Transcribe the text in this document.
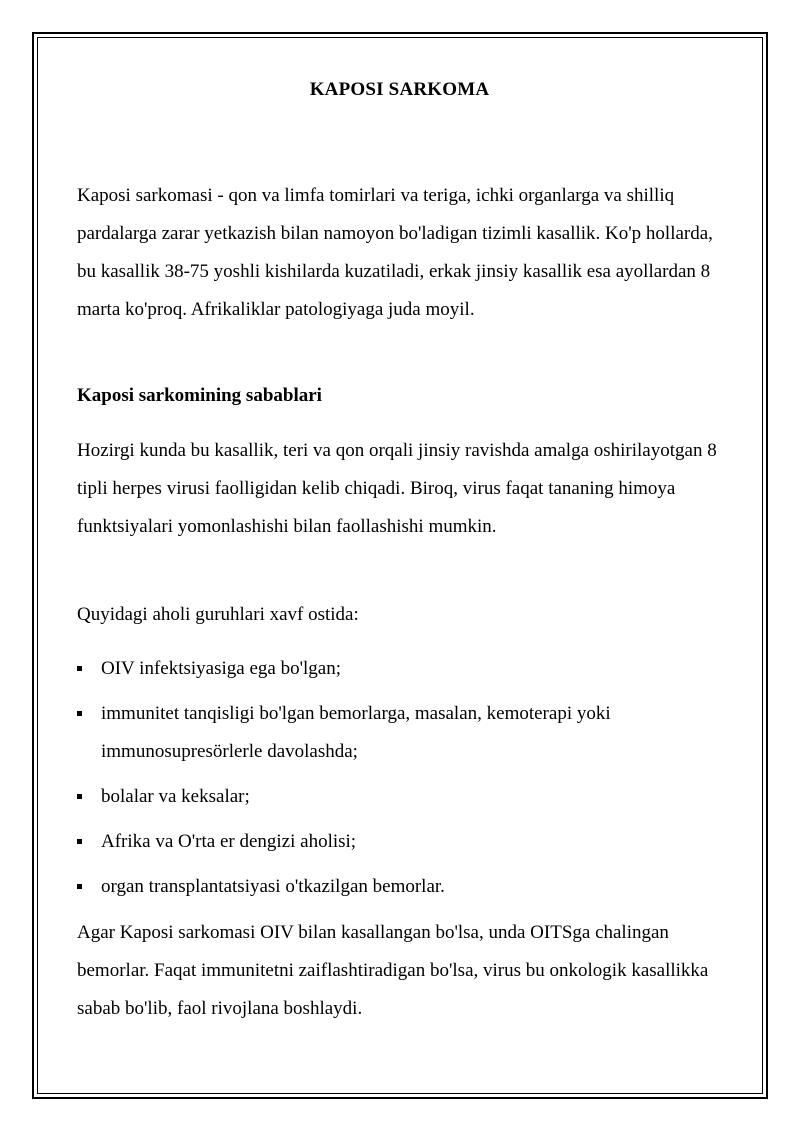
KAPOSI SARKOMA

Kaposi sarkomasi - qon va limfa tomirlari va teriga, ichki organlarga va shilliq pardalarga zarar yetkazish bilan namoyon bo'ladigan tizimli kasallik. Ko'p hollarda, bu kasallik 38-75 yoshli kishilarda kuzatiladi, erkak jinsiy kasallik esa ayollardan 8 marta ko'proq. Afrikaliklar patologiyaga juda moyil.

Kaposi sarkomining sabablari

Hozirgi kunda bu kasallik, teri va qon orqali jinsiy ravishda amalga oshirilayotgan 8 tipli herpes virusi faolligidan kelib chiqadi. Biroq, virus faqat tananing himoya funktsiyalari yomonlashishi bilan faollashishi mumkin.

Quyidagi aholi guruhlari xavf ostida:

OIV infektsiyasiga ega bo'lgan;
immunitet tanqisligi bo'lgan bemorlarga, masalan, kemoterapi yoki immunosupresörlerle davolashda;
bolalar va keksalar;
Afrika va O'rta er dengizi aholisi;
organ transplantatsiyasi o'tkazilgan bemorlar.

Agar Kaposi sarkomasi OIV bilan kasallangan bo'lsa, unda OITSga chalingan bemorlar. Faqat immunitetni zaiflashtiradigan bo'lsa, virus bu onkologik kasallikka sabab bo'lib, faol rivojlana boshlaydi.
